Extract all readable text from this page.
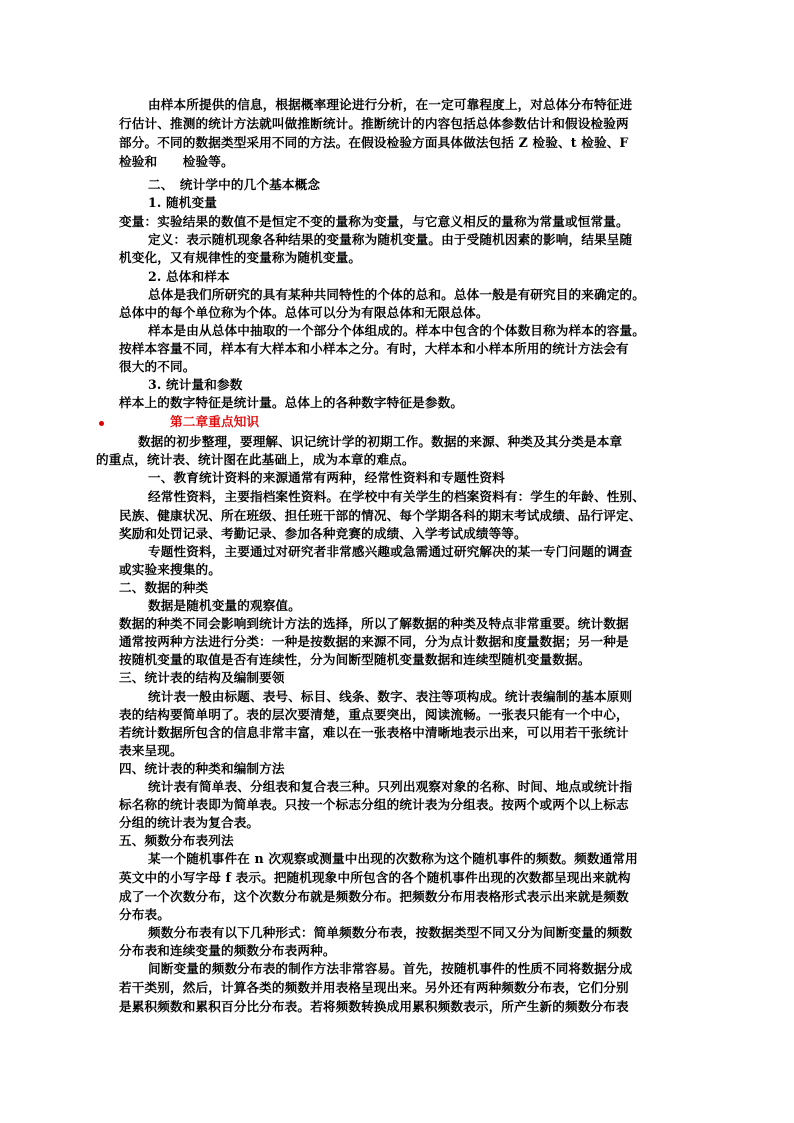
由样本所提供的信息，根据概率理论进行分析，在一定可靠程度上，对总体分布特征进
行估计、推测的统计方法就叫做推断统计。推断统计的内容包括总体参数估计和假设检验两
部分。不同的数据类型采用不同的方法。在假设检验方面具体做法包括 Z 检验、t 检验、F
检验和　　检验等。
二、　统计学中的几个基本概念
1. 随机变量
变量：实验结果的数值不是恒定不变的量称为变量，与它意义相反的量称为常量或恒常量。
定义：表示随机现象各种结果的变量称为随机变量。由于受随机因素的影响，结果呈随
机变化，又有规律性的变量称为随机变量。
2. 总体和样本
总体是我们所研究的具有某种共同特性的个体的总和。总体一般是有研究目的来确定的。
总体中的每个单位称为个体。总体可以分为有限总体和无限总体。
样本是由从总体中抽取的一个部分个体组成的。样本中包含的个体数目称为样本的容量。
按样本容量不同，样本有大样本和小样本之分。有时，大样本和小样本所用的统计方法会有
很大的不同。
3. 统计量和参数
样本上的数字特征是统计量。总体上的各种数字特征是参数。
第二章重点知识
数据的初步整理，要理解、识记统计学的初期工作。数据的来源、种类及其分类是本章
的重点，统计表、统计图在此基础上，成为本章的难点。
一、教育统计资料的来源通常有两种，经常性资料和专题性资料
经常性资料，主要指档案性资料。在学校中有关学生的档案资料有：学生的年龄、性别、
民族、健康状况、所在班级、担任班干部的情况、每个学期各科的期末考试成绩、品行评定、
奖励和处罚记录、考勤记录、参加各种竞赛的成绩、入学考试成绩等等。
专题性资料，主要通过对研究者非常感兴趣或急需通过研究解决的某一专门问题的调查
或实验来搜集的。
二、数据的种类
数据是随机变量的观察值。
数据的种类不同会影响到统计方法的选择，所以了解数据的种类及特点非常重要。统计数据
通常按两种方法进行分类：一种是按数据的来源不同，分为点计数据和度量数据；另一种是
按随机变量的取值是否有连续性，分为间断型随机变量数据和连续型随机变量数据。
三、统计表的结构及编制要领
统计表一般由标题、表号、标目、线条、数字、表注等项构成。统计表编制的基本原则
表的结构要简单明了。表的层次要清楚，重点要突出，阅读流畅。一张表只能有一个中心，
若统计数据所包含的信息非常丰富，难以在一张表格中清晰地表示出来，可以用若干张统计
表来呈现。
四、统计表的种类和编制方法
统计表有简单表、分组表和复合表三种。只列出观察对象的名称、时间、地点或统计指
标名称的统计表即为简单表。只按一个标志分组的统计表为分组表。按两个或两个以上标志
分组的统计表为复合表。
五、频数分布表列法
某一个随机事件在 n 次观察或测量中出现的次数称为这个随机事件的频数。频数通常用
英文中的小写字母 f 表示。把随机现象中所包含的各个随机事件出现的次数都呈现出来就构
成了一个次数分布，这个次数分布就是频数分布。把频数分布用表格形式表示出来就是频数
分布表。
频数分布表有以下几种形式：简单频数分布表，按数据类型不同又分为间断变量的频数
分布表和连续变量的频数分布表两种。
间断变量的频数分布表的制作方法非常容易。首先，按随机事件的性质不同将数据分成
若干类别，然后，计算各类的频数并用表格呈现出来。另外还有两种频数分布表，它们分别
是累积频数和累积百分比分布表。若将频数转换成用累积频数表示，所产生新的频数分布表
